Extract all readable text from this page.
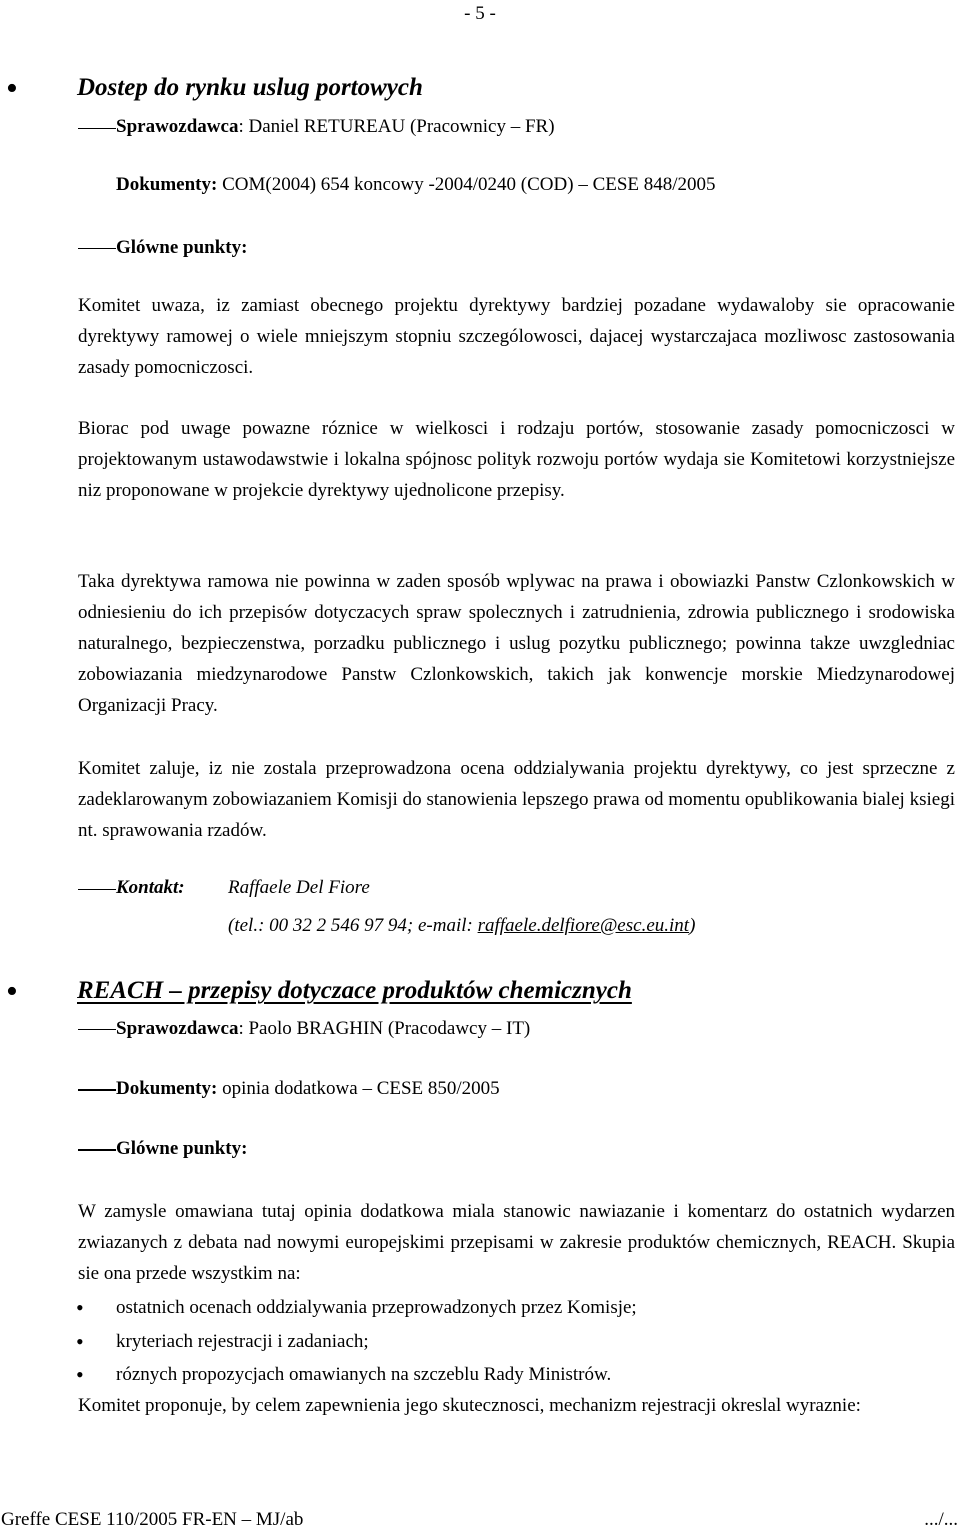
- 5 -
• Dostep do rynku uslug portowych
Sprawozdawca: Daniel RETUREAU (Pracownicy – FR)
Dokumenty: COM(2004) 654 koncowy -2004/0240 (COD) – CESE 848/2005
Glówne punkty:
Komitet uwaza, iz zamiast obecnego projektu dyrektywy bardziej pozadane wydawaloby sie opracowanie dyrektywy ramowej o wiele mniejszym stopniu szczególowosci, dajacej wystarczajaca mozliwosc zastosowania zasady pomocniczosci.
Biorac pod uwage powazne róznice w wielkosci i rodzaju portów, stosowanie zasady pomocniczosci w projektowanym ustawodawstwie i lokalna spójnosc polityk rozwoju portów wydaja sie Komitetowi korzystniejsze niz proponowane w projekcie dyrektywy ujednolicone przepisy.
Taka dyrektywa ramowa nie powinna w zaden sposób wplywac na prawa i obowiazki Panstw Czlonkowskich w odniesieniu do ich przepisów dotyczacych spraw spolecznych i zatrudnienia, zdrowia publicznego i srodowiska naturalnego, bezpieczenstwa, porzadku publicznego i uslug pozytku publicznego; powinna takze uwzgledniac zobowiazania miedzynarodowe Panstw Czlonkowskich, takich jak konwencje morskie Miedzynarodowej Organizacji Pracy.
Komitet zaluje, iz nie zostala przeprowadzona ocena oddzialywania projektu dyrektywy, co jest sprzeczne z zadeklarowanym zobowiazaniem Komisji do stanowienia lepszego prawa od momentu opublikowania bialej ksiegi nt. sprawowania rzadów.
Kontakt: Raffaele Del Fiore
(tel.: 00 32 2 546 97 94; e-mail: raffaele.delfiore@esc.eu.int)
• REACH – przepisy dotyczace produktów chemicznych
Sprawozdawca: Paolo BRAGHIN (Pracodawcy – IT)
Dokumenty: opinia dodatkowa – CESE 850/2005
Glówne punkty:
W zamysle omawiana tutaj opinia dodatkowa miala stanowic nawiazanie i komentarz do ostatnich wydarzen zwiazanych z debata nad nowymi europejskimi przepisami w zakresie produktów chemicznych, REACH. Skupia sie ona przede wszystkim na:
• ostatnich ocenach oddzialywania przeprowadzonych przez Komisje;
• kryteriach rejestracji i zadaniach;
• róznych propozycjach omawianych na szczeblu Rady Ministrów.
Komitet proponuje, by celem zapewnienia jego skutecznosci, mechanizm rejestracji okreslal wyraznie:
Greffe CESE 110/2005 FR-EN – MJ/ab	.../...
